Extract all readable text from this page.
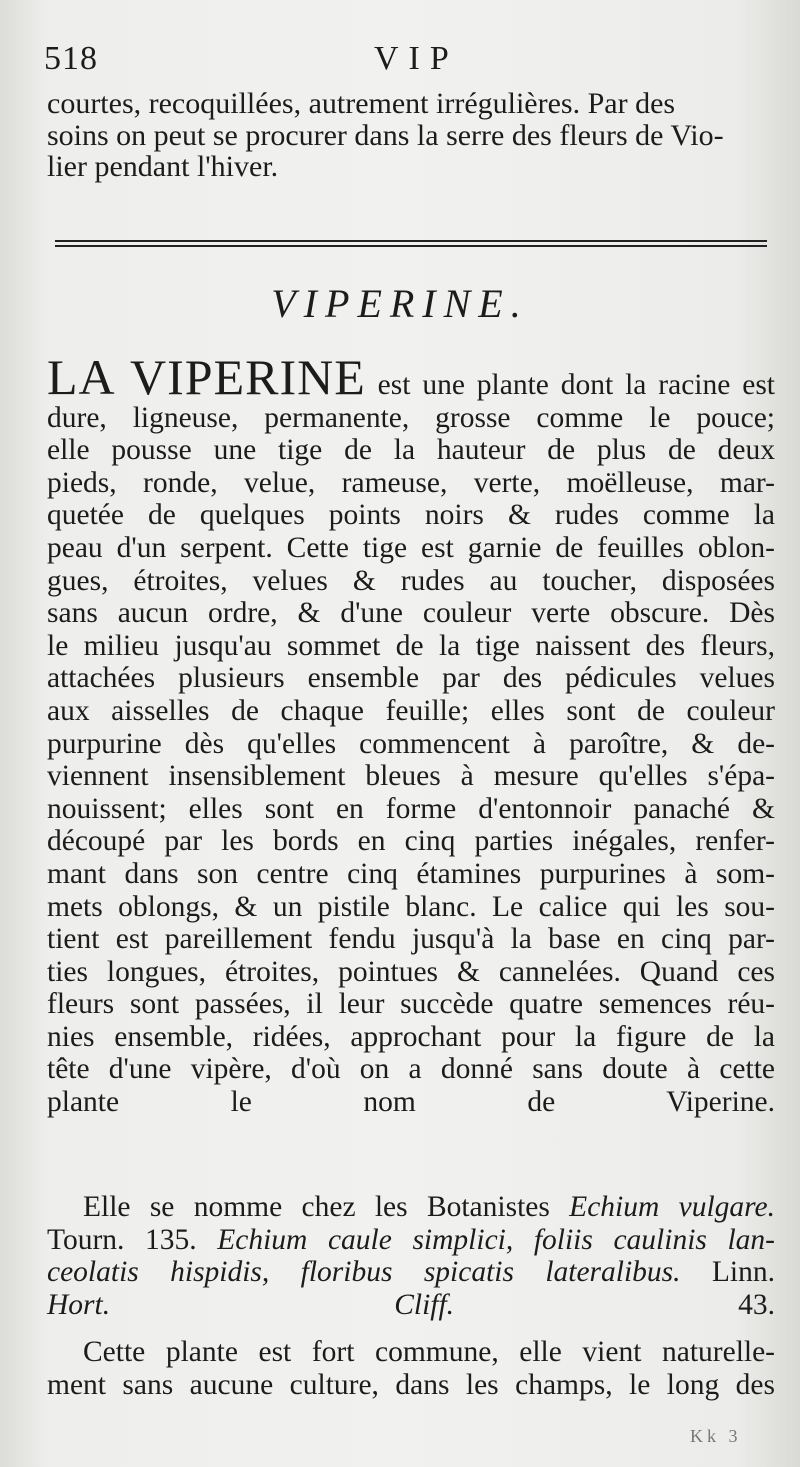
518	VIP
courtes, recoquillées, autrement irrégulières. Par des
soins on peut se procurer dans la serre des fleurs de Vio-
lier pendant l'hiver.
VIPERINE.
LA VIPERINE est une plante dont la racine est
dure, ligneuse, permanente, grosse comme le pouce;
elle pousse une tige de la hauteur de plus de deux
pieds, ronde, velue, rameuse, verte, moëlleuse, mar-
quetée de quelques points noirs & rudes comme la
peau d'un serpent. Cette tige est garnie de feuilles oblon-
gues, étroites, velues & rudes au toucher, disposées
sans aucun ordre, & d'une couleur verte obscure. Dès
le milieu jusqu'au sommet de la tige naissent des fleurs,
attachées plusieurs ensemble par des pédicules velues
aux aisselles de chaque feuille; elles sont de couleur
purpurine dès qu'elles commencent à paroître, & de-
viennent insensiblement bleues à mesure qu'elles s'épa-
nouissent; elles sont en forme d'entonnoir panaché &
découpé par les bords en cinq parties inégales, renfer-
mant dans son centre cinq étamines purpurines à som-
mets oblongs, & un pistile blanc. Le calice qui les sou-
tient est pareillement fendu jusqu'à la base en cinq par-
ties longues, étroites, pointues & cannelées. Quand ces
fleurs sont passées, il leur succède quatre semences réu-
nies ensemble, ridées, approchant pour la figure de la
tête d'une vipère, d'où on a donné sans doute à cette
plante le nom de Viperine.
Elle se nomme chez les Botanistes Echium vulgare.
Tourn. 135. Echium caule simplici, foliis caulinis lan-
ceolatis hispidis, floribus spicatis lateralibus. Linn.
Hort. Cliff. 43.
Cette plante est fort commune, elle vient naturelle-
ment sans aucune culture, dans les champs, le long des
Kk 3
